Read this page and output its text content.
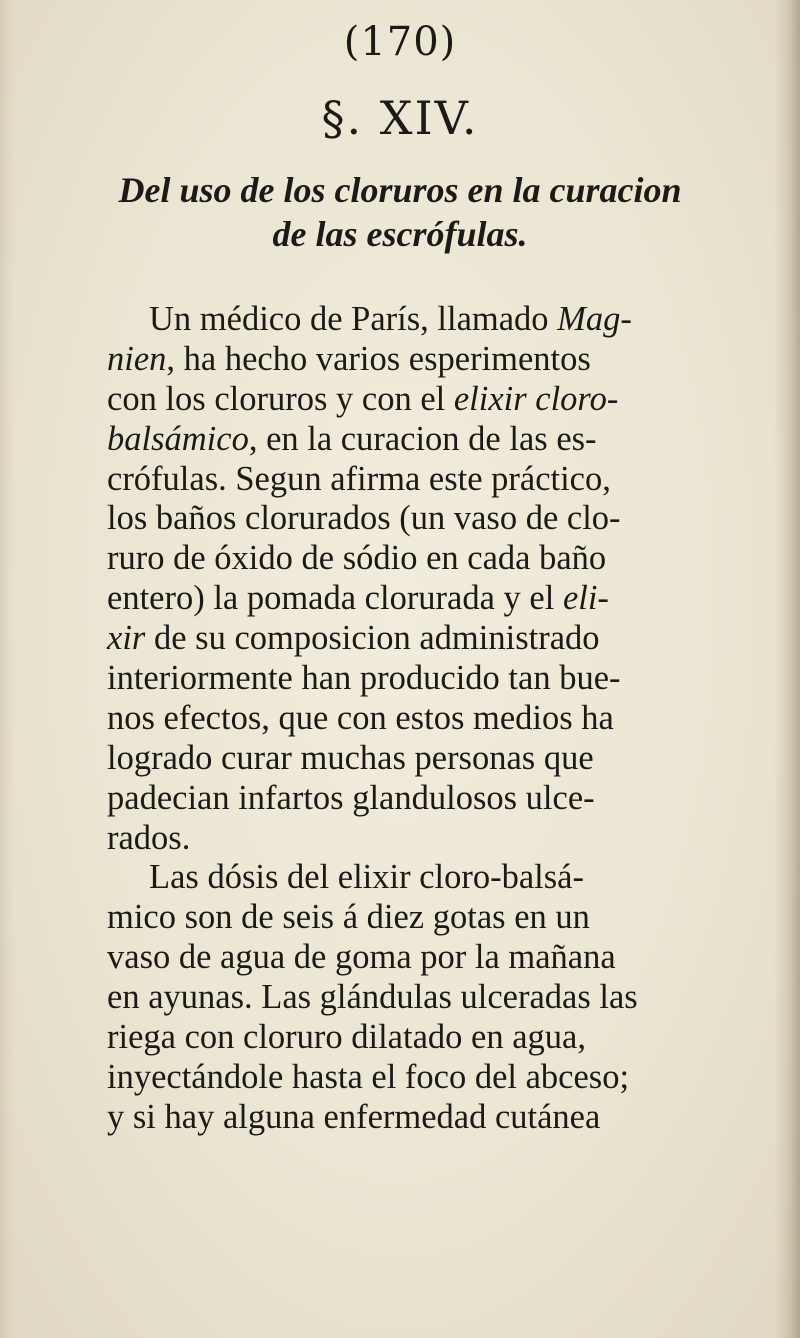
(170)
§. XIV.
Del uso de los cloruros en la curacion
de las escrófulas.
Un médico de París, llamado Mag-
nien, ha hecho varios esperimentos
con los cloruros y con el elixir cloro-
balsámico, en la curacion de las es-
crófulas. Segun afirma este práctico,
los baños clorurados (un vaso de clo-
ruro de óxido de sódio en cada baño
entero) la pomada clorurada y el eli-
xir de su composicion administrado
interiormente han producido tan bue-
nos efectos, que con estos medios ha
logrado curar muchas personas que
padecian infartos glandulosos ulce-
rados.
Las dósis del elixir cloro-balsá-
mico son de seis á diez gotas en un
vaso de agua de goma por la mañana
en ayunas. Las glándulas ulceradas las
riega con cloruro dilatado en agua,
inyectándole hasta el foco del abceso;
y si hay alguna enfermedad cutánea
